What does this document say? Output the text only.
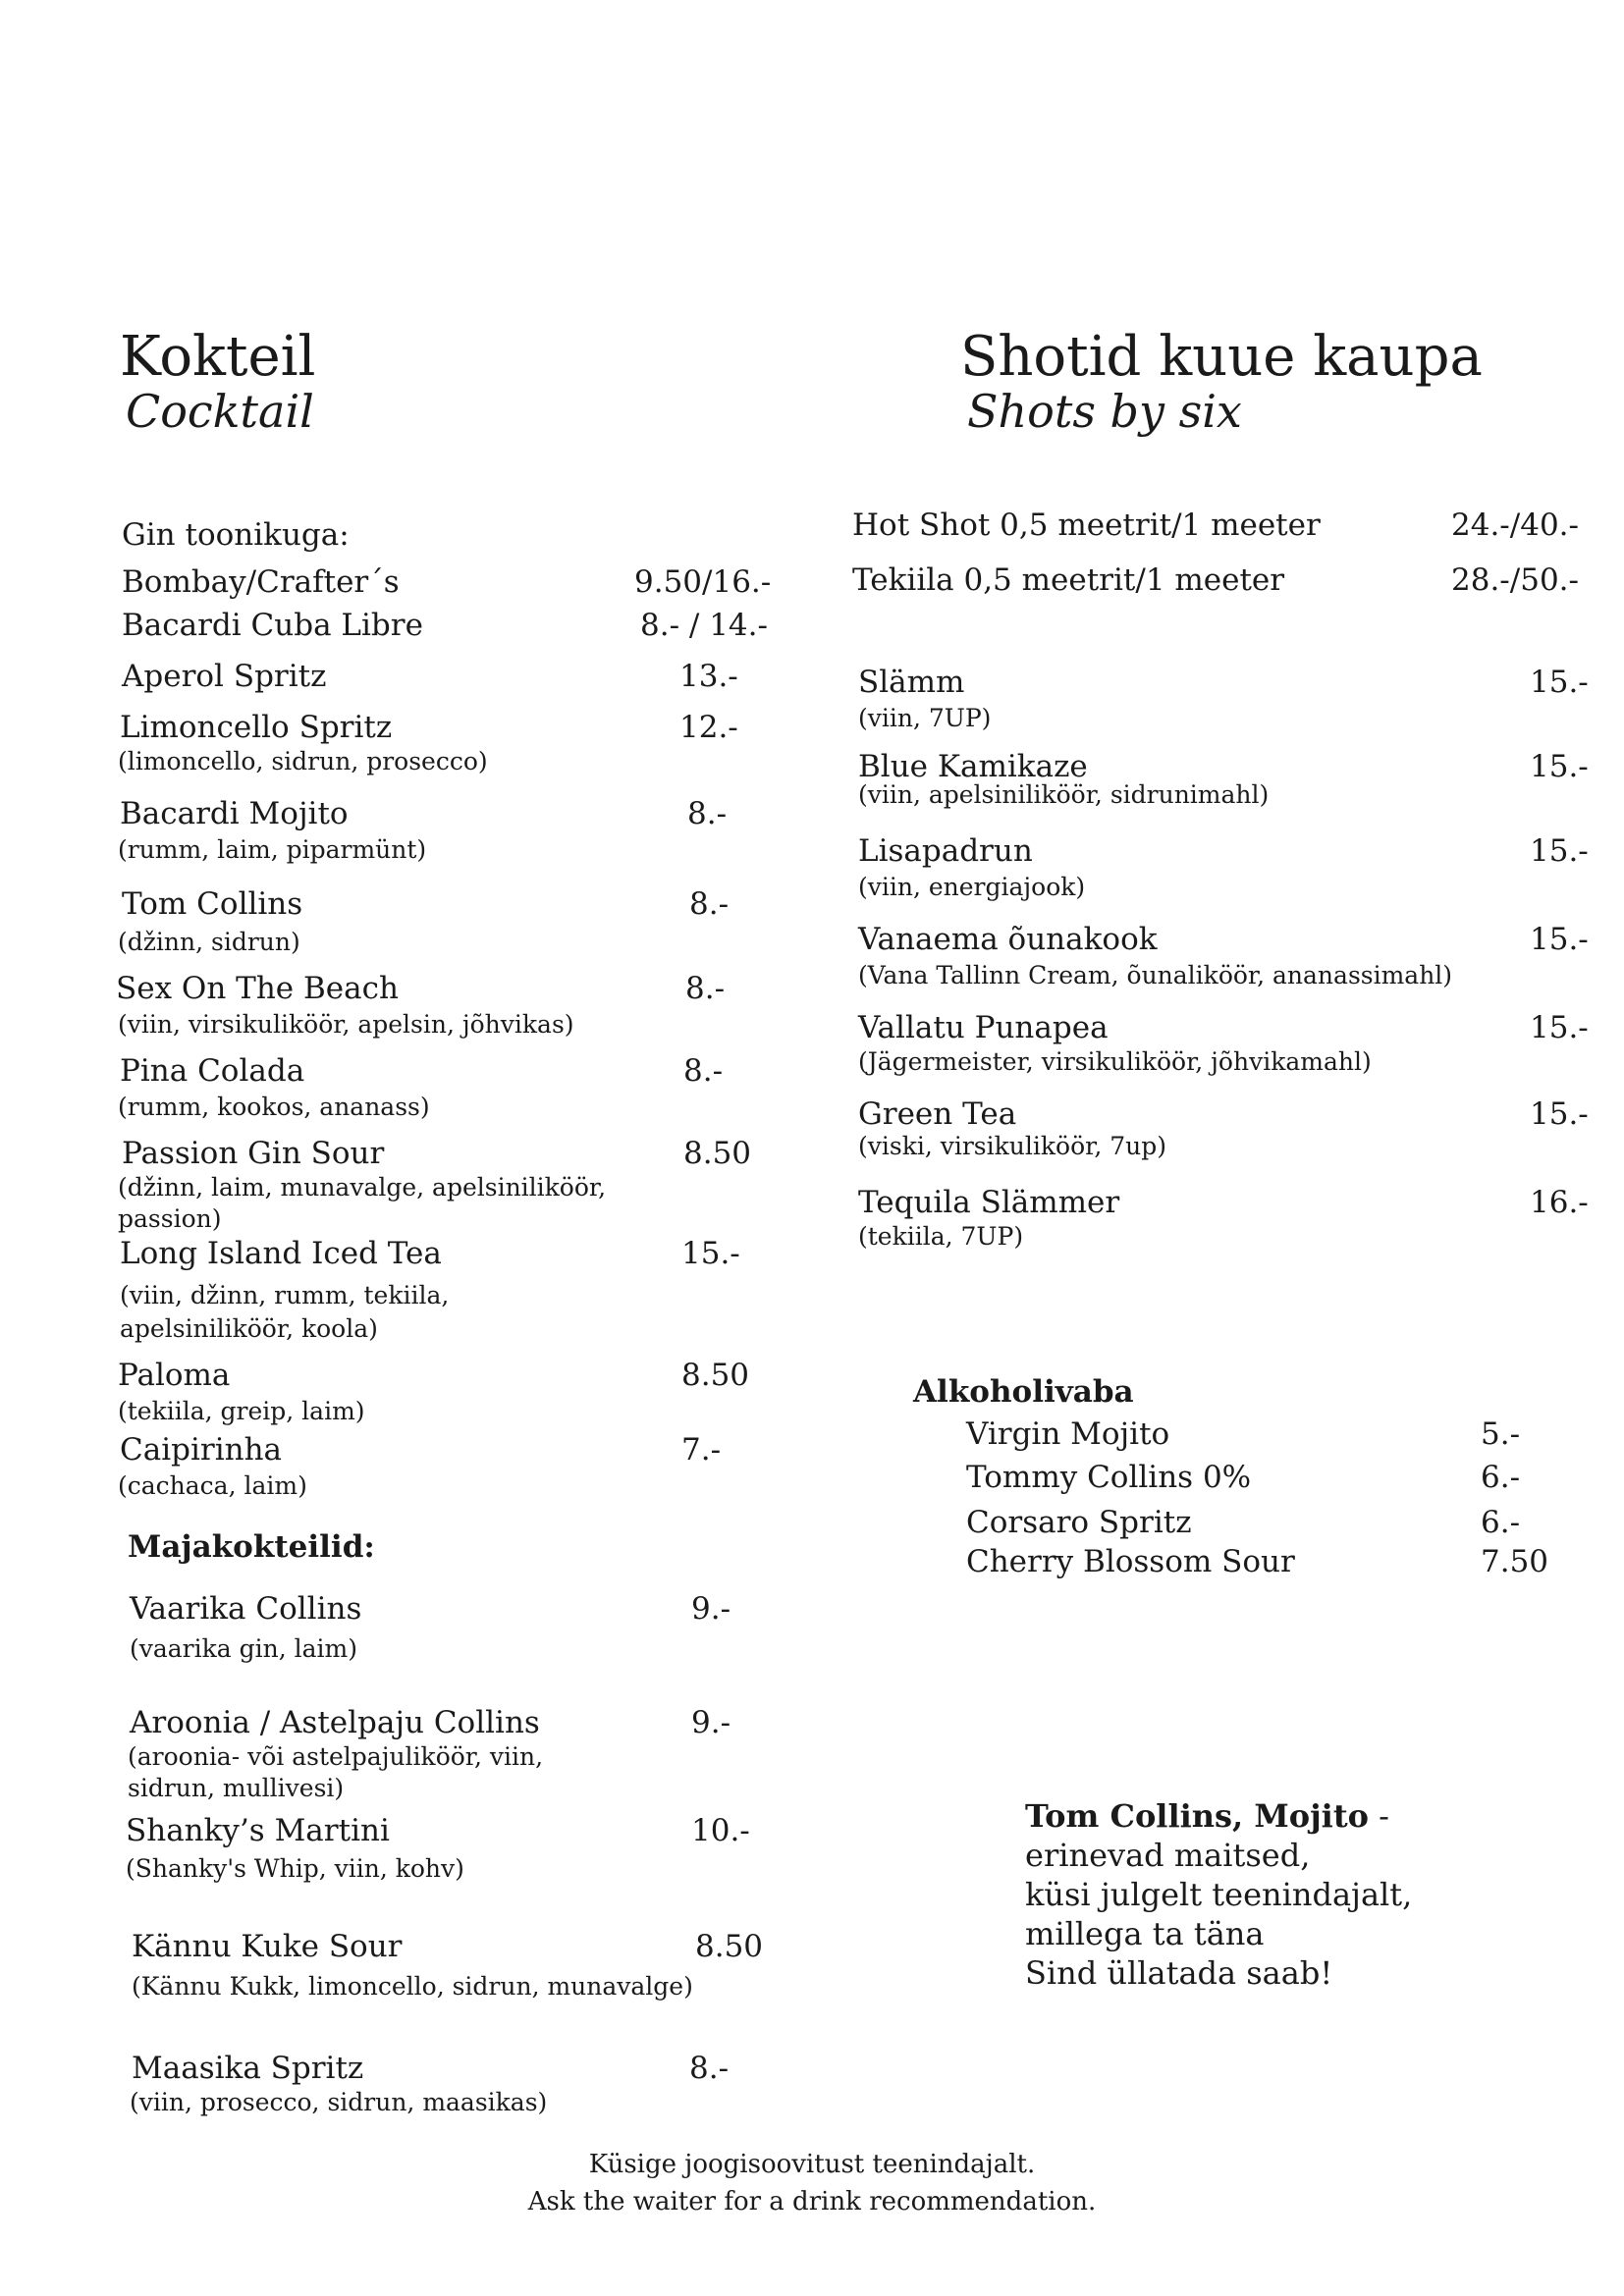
Kokteil
Cocktail
Shotid kuue kaupa
Shots by six
Gin toonikuga:
Bombay/Crafter´s	9.50/16.-
Bacardi Cuba Libre	8.- / 14.-
Aperol Spritz	13.-
Limoncello Spritz	12.-
(limoncello, sidrun, prosecco)
Bacardi Mojito	8.-
(rumm, laim, piparmünt)
Tom Collins	8.-
(džinn, sidrun)
Sex On The Beach	8.-
(viin, virsikuliköör, apelsin, jõhvikas)
Pina Colada	8.-
(rumm, kookos, ananass)
Passion Gin Sour	8.50
(džinn, laim, munavalge, apelsiniliköör,
passion)
Long Island Iced Tea	15.-
(viin, džinn, rumm, tekiila,
apelsiniliköör, koola)
Paloma	8.50
(tekiila, greip, laim)
Caipirinha	7.-
(cachaca, laim)
Majakokteilid:
Vaarika Collins	9.-
(vaarika gin, laim)
Aroonia / Astelpaju Collins	9.-
(aroonia- või astelpajuliköör, viin,
sidrun, mullivesi)
Shanky’s Martini	10.-
(Shanky's Whip, viin, kohv)
Kännu Kuke Sour	8.50
(Kännu Kukk, limoncello, sidrun, munavalge)
Maasika Spritz	8.-
(viin, prosecco, sidrun, maasikas)
Hot Shot 0,5 meetrit/1 meeter	24.-/40.-
Tekiila 0,5 meetrit/1 meeter	28.-/50.-
Slämm	15.-
(viin, 7UP)
Blue Kamikaze	15.-
(viin, apelsiniliköör, sidrunimahl)
Lisapadrun	15.-
(viin, energiajook)
Vanaema õunakook	15.-
(Vana Tallinn Cream, õunaliköör, ananassimahl)
Vallatu Punapea	15.-
(Jägermeister, virsikuliköör, jõhvikamahl)
Green Tea	15.-
(viski, virsikuliköör, 7up)
Tequila Slämmer	16.-
(tekiila, 7UP)
Alkoholivaba
Virgin Mojito	5.-
Tommy Collins 0%	6.-
Corsaro Spritz	6.-
Cherry Blossom Sour	7.50
Tom Collins, Mojito -
erinevad maitsed,
küsi julgelt teenindajalt,
millega ta täna
Sind üllatada saab!
Küsige joogisoovitust teenindajalt.
Ask the waiter for a drink recommendation.
